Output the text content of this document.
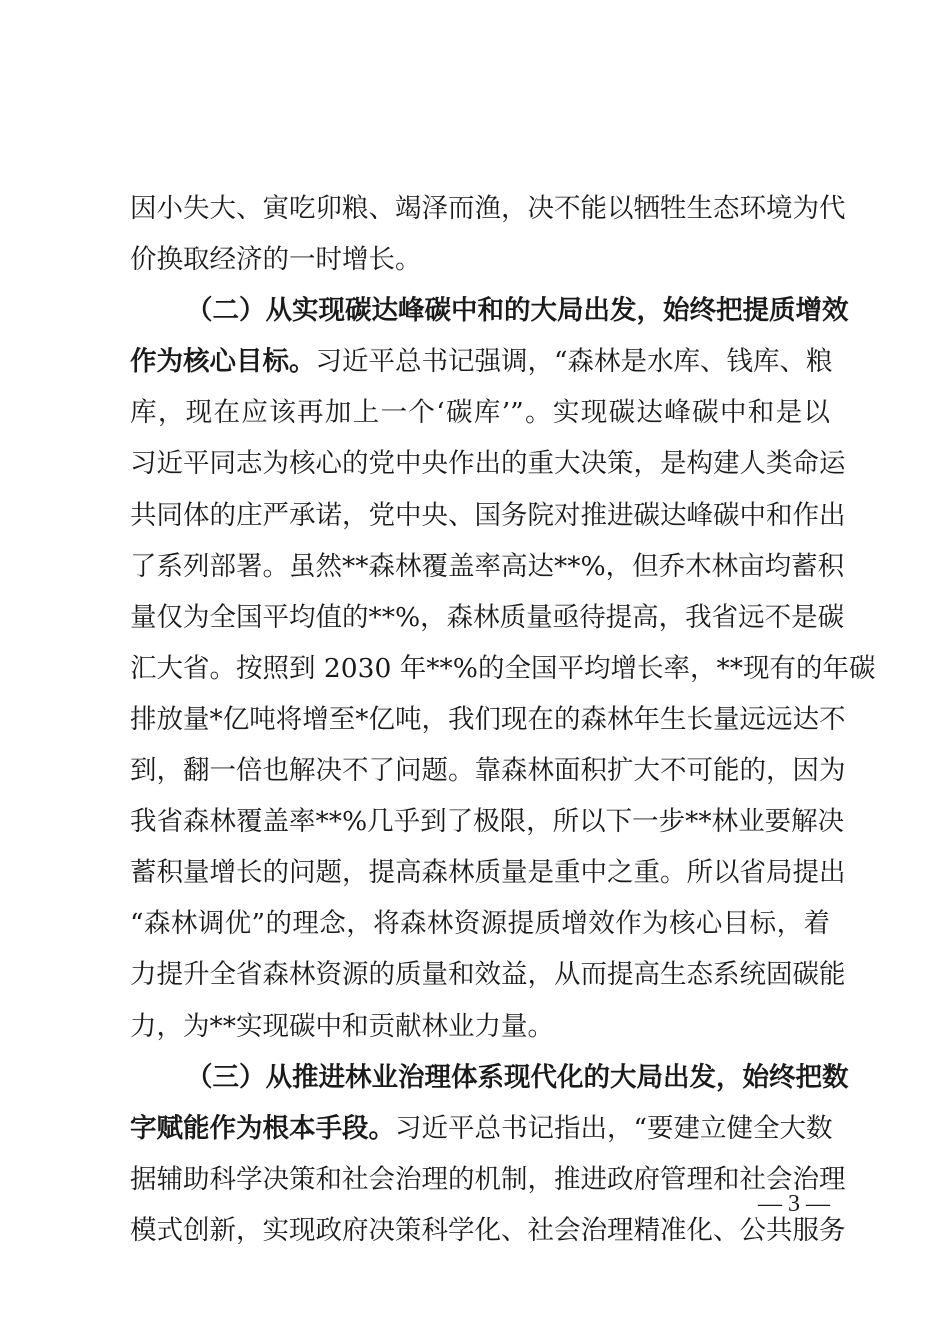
因小失大、寅吃卯粮、竭泽而渔，决不能以牺牲生态环境为代
价换取经济的一时增长。
（二）从实现碳达峰碳中和的大局出发，始终把提质增效
作为核心目标。习近平总书记强调，“森林是水库、钱库、粮
库，现在应该再加上一个‘碳库’”。实现碳达峰碳中和是以
习近平同志为核心的党中央作出的重大决策，是构建人类命运
共同体的庄严承诺，党中央、国务院对推进碳达峰碳中和作出
了系列部署。虽然**森林覆盖率高达**%，但乔木林亩均蓄积
量仅为全国平均值的**%，森林质量亟待提高，我省远不是碳
汇大省。按照到 2030 年**%的全国平均增长率，**现有的年碳
排放量*亿吨将增至*亿吨，我们现在的森林年生长量远远达不
到，翻一倍也解决不了问题。靠森林面积扩大不可能的，因为
我省森林覆盖率**%几乎到了极限，所以下一步**林业要解决
蓄积量增长的问题，提高森林质量是重中之重。所以省局提出
“森林调优”的理念，将森林资源提质增效作为核心目标，着
力提升全省森林资源的质量和效益，从而提高生态系统固碳能
力，为**实现碳中和贡献林业力量。
（三）从推进林业治理体系现代化的大局出发，始终把数
字赋能作为根本手段。习近平总书记指出，“要建立健全大数
据辅助科学决策和社会治理的机制，推进政府管理和社会治理
模式创新，实现政府决策科学化、社会治理精准化、公共服务
— 3 —
